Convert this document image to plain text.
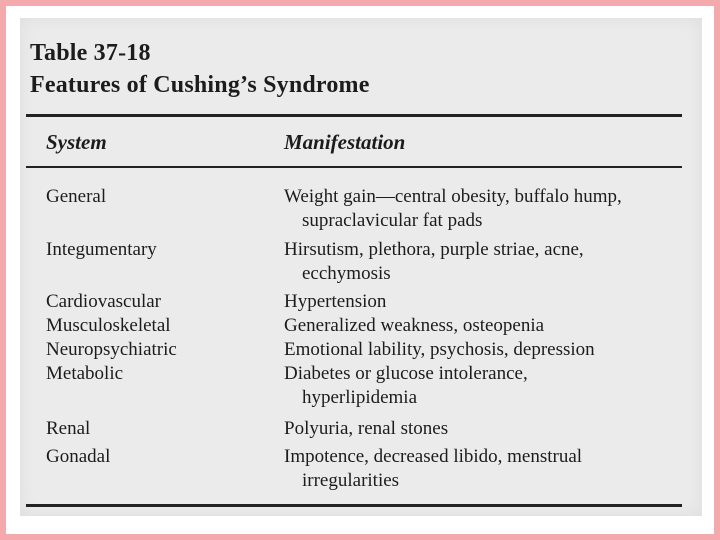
Table 37-18
Features of Cushing’s Syndrome
System	Manifestation
General	Weight gain—central obesity, buffalo hump,
supraclavicular fat pads
Integumentary	Hirsutism, plethora, purple striae, acne,
ecchymosis
Cardiovascular	Hypertension
Musculoskeletal	Generalized weakness, osteopenia
Neuropsychiatric	Emotional lability, psychosis, depression
Metabolic	Diabetes or glucose intolerance,
hyperlipidemia
Renal	Polyuria, renal stones
Gonadal	Impotence, decreased libido, menstrual
irregularities
